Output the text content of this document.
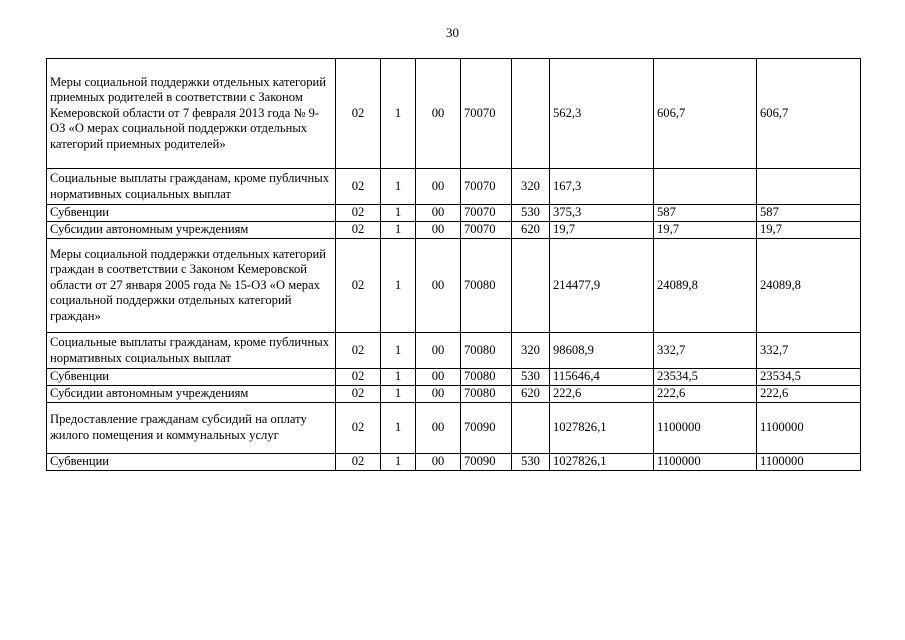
30
Меры социальной поддержки отдельных категорий приемных родителей в соответствии с Законом Кемеровской области от 7 февраля 2013 года № 9-ОЗ «О мерах социальной поддержки отдельных категорий приемных родителей»	02	1	00	70070		562,3	606,7	606,7
Социальные выплаты гражданам, кроме публичных нормативных социальных выплат	02	1	00	70070	320	167,3		
Субвенции	02	1	00	70070	530	375,3	587	587
Субсидии автономным учреждениям	02	1	00	70070	620	19,7	19,7	19,7
Меры социальной поддержки отдельных категорий граждан в соответствии с Законом Кемеровской области от 27 января 2005 года № 15-ОЗ «О мерах социальной поддержки отдельных категорий граждан»	02	1	00	70080		214477,9	24089,8	24089,8
Социальные выплаты гражданам, кроме публичных нормативных социальных выплат	02	1	00	70080	320	98608,9	332,7	332,7
Субвенции	02	1	00	70080	530	115646,4	23534,5	23534,5
Субсидии автономным учреждениям	02	1	00	70080	620	222,6	222,6	222,6
Предоставление гражданам субсидий на оплату жилого помещения и коммунальных услуг	02	1	00	70090		1027826,1	1100000	1100000
Субвенции	02	1	00	70090	530	1027826,1	1100000	1100000
